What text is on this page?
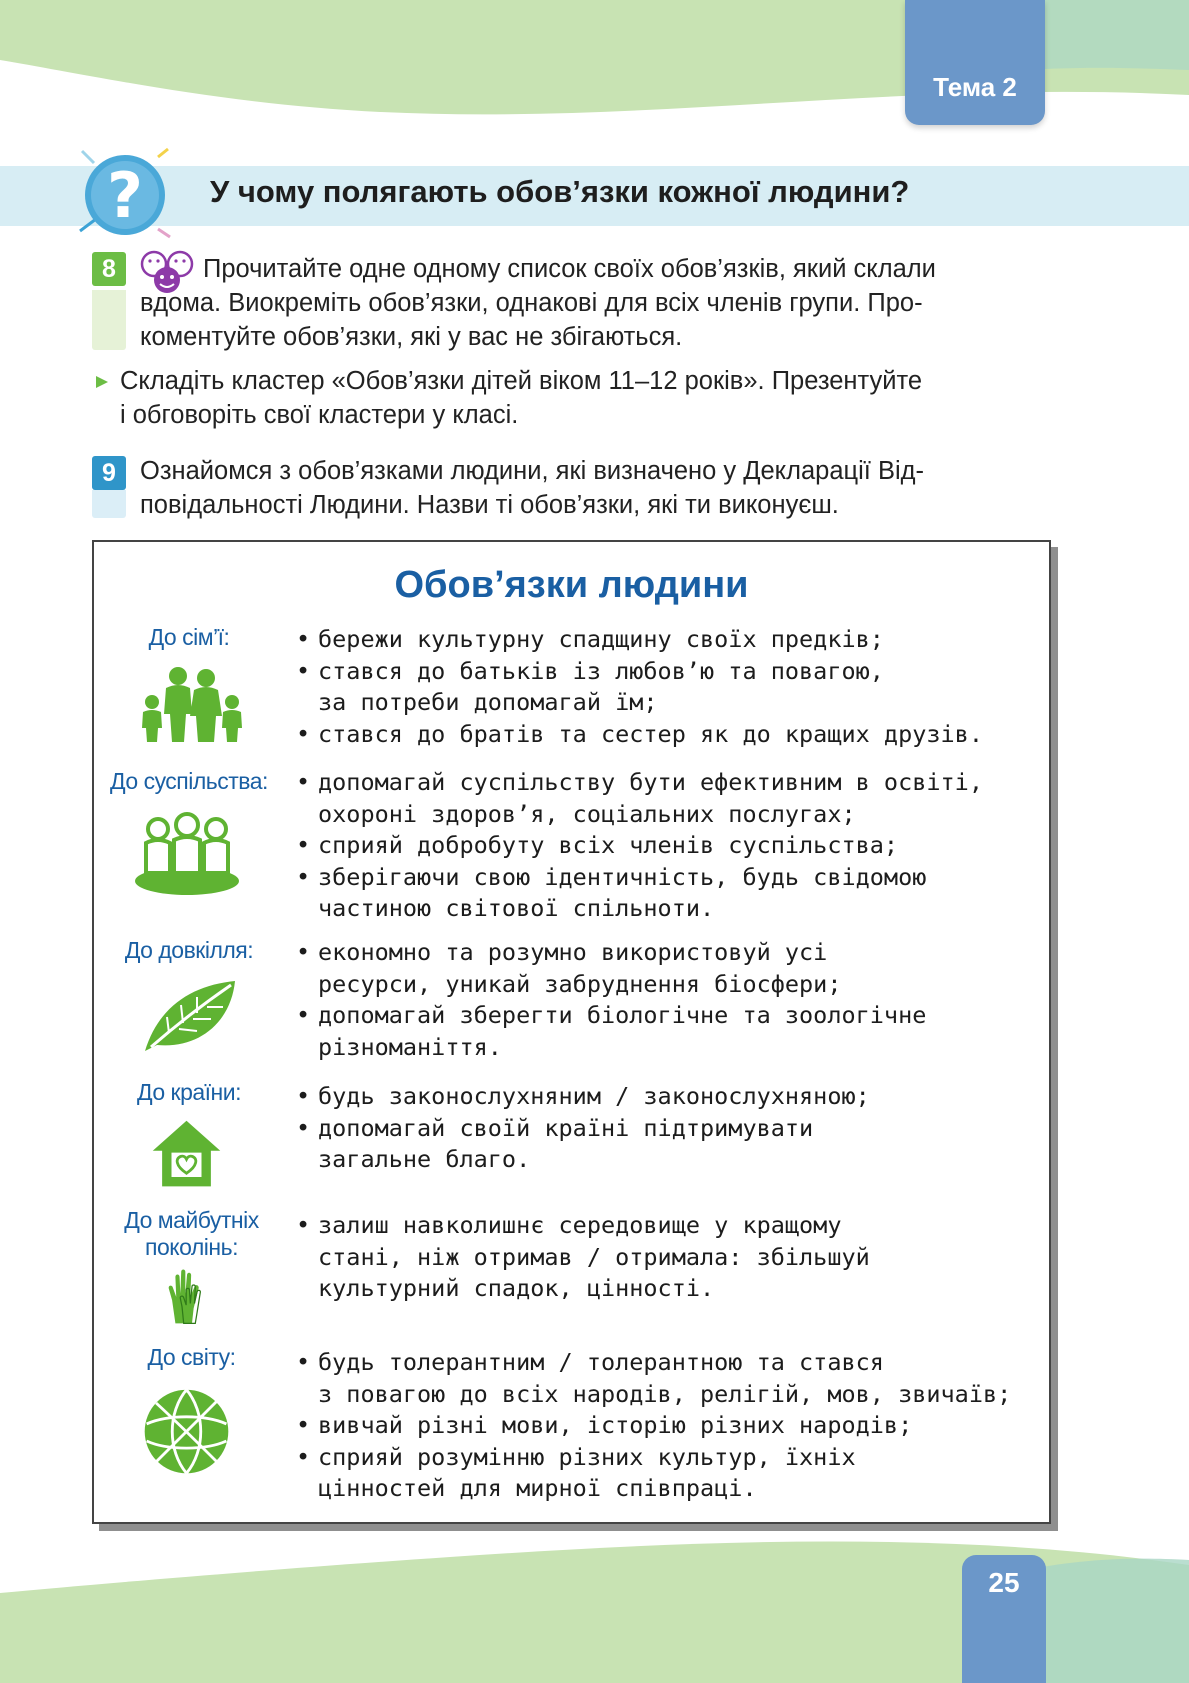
Тема 2
? У чому полягають обов’язки кожної людини?
8	Прочитайте одне одному список своїх обов’язків, який склали
вдома. Виокреміть обов’язки, однакові для всіх членів групи. Про-
коментуйте обов’язки, які у вас не збігаються.
Складіть кластер «Обов’язки дітей віком 11–12 років». Презентуйте
і обговоріть свої кластери у класі.
9 Ознайомся з обов’язками людини, які визначено у Декларації Від-
повідальності Людини. Назви ті обов’язки, які ти виконуєш.
Обов’язки людини
До сім’ї:	• бережи культурну спадщину своїх предків;
• стався до батьків із любов’ю та повагою,
за потреби допомагай їм;
• стався до братів та сестер як до кращих друзів.
До суспільства:	• допомагай суспільству бути ефективним в освіті,
охороні здоров’я, соціальних послугах;
• сприяй добробуту всіх членів суспільства;
• зберігаючи свою ідентичність, будь свідомою
частиною світової спільноти.
До довкілля:	• економно та розумно використовуй усі
ресурси, уникай забруднення біосфери;
• допомагай зберегти біологічне та зоологічне
різноманіття.
До країни:	• будь законослухняним / законослухняною;
• допомагай своїй країні підтримувати
загальне благо.
До майбутніх
поколінь:
• залиш навколишнє середовище у кращому
стані, ніж отримав / отримала: збільшуй
культурний спадок, цінності.
До світу:	• будь толерантним / толерантною та стався
з повагою до всіх народів, релігій, мов, звичаїв;
• вивчай різні мови, історію різних народів;
• сприяй розумінню різних культур, їхніх
цінностей для мирної співпраці.
25
